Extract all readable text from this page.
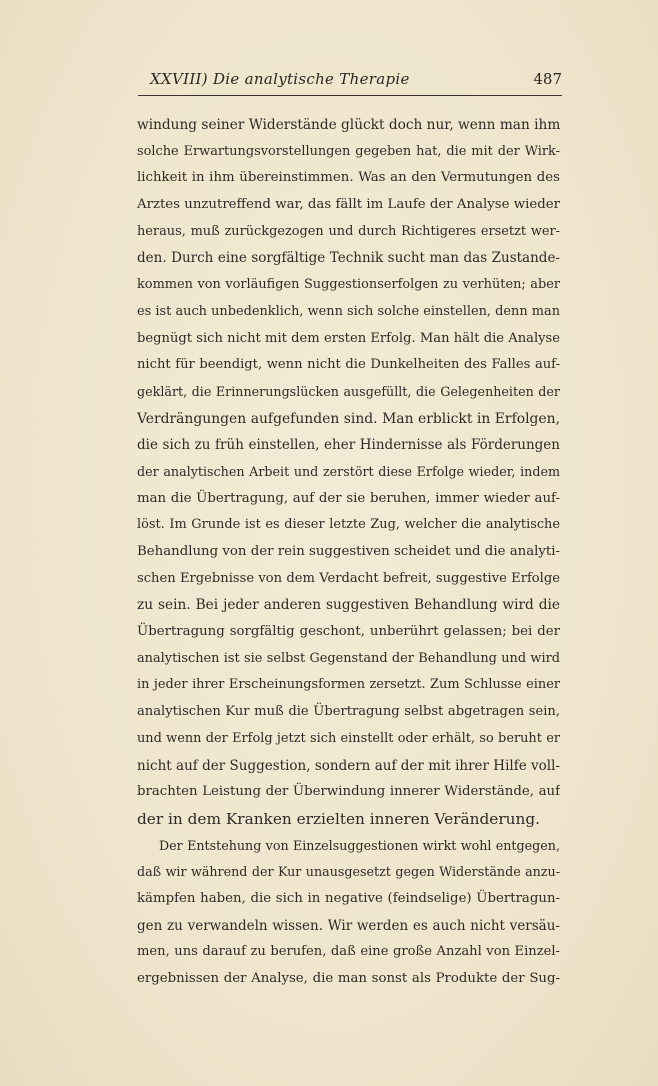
XXVIII) Die analytische Therapie	487
windung seiner Widerstände glückt doch nur, wenn man ihm
solche Erwartungsvorstellungen gegeben hat, die mit der Wirk-
lichkeit in ihm übereinstimmen. Was an den Vermutungen des
Arztes unzutreffend war, das fällt im Laufe der Analyse wieder
heraus, muß zurückgezogen und durch Richtigeres ersetzt wer-
den. Durch eine sorgfältige Technik sucht man das Zustande-
kommen von vorläufigen Suggestionserfolgen zu verhüten; aber
es ist auch unbedenklich, wenn sich solche einstellen, denn man
begnügt sich nicht mit dem ersten Erfolg. Man hält die Analyse
nicht für beendigt, wenn nicht die Dunkelheiten des Falles auf-
geklärt, die Erinnerungslücken ausgefüllt, die Gelegenheiten der
Verdrängungen aufgefunden sind. Man erblickt in Erfolgen,
die sich zu früh einstellen, eher Hindernisse als Förderungen
der analytischen Arbeit und zerstört diese Erfolge wieder, indem
man die Übertragung, auf der sie beruhen, immer wieder auf-
löst. Im Grunde ist es dieser letzte Zug, welcher die analytische
Behandlung von der rein suggestiven scheidet und die analyti-
schen Ergebnisse von dem Verdacht befreit, suggestive Erfolge
zu sein. Bei jeder anderen suggestiven Behandlung wird die
Übertragung sorgfältig geschont, unberührt gelassen; bei der
analytischen ist sie selbst Gegenstand der Behandlung und wird
in jeder ihrer Erscheinungsformen zersetzt. Zum Schlusse einer
analytischen Kur muß die Übertragung selbst abgetragen sein,
und wenn der Erfolg jetzt sich einstellt oder erhält, so beruht er
nicht auf der Suggestion, sondern auf der mit ihrer Hilfe voll-
brachten Leistung der Überwindung innerer Widerstände, auf
der in dem Kranken erzielten inneren Veränderung.
Der Entstehung von Einzelsuggestionen wirkt wohl entgegen,
daß wir während der Kur unausgesetzt gegen Widerstände anzu-
kämpfen haben, die sich in negative (feindselige) Übertragun-
gen zu verwandeln wissen. Wir werden es auch nicht versäu-
men, uns darauf zu berufen, daß eine große Anzahl von Einzel-
ergebnissen der Analyse, die man sonst als Produkte der Sug-
